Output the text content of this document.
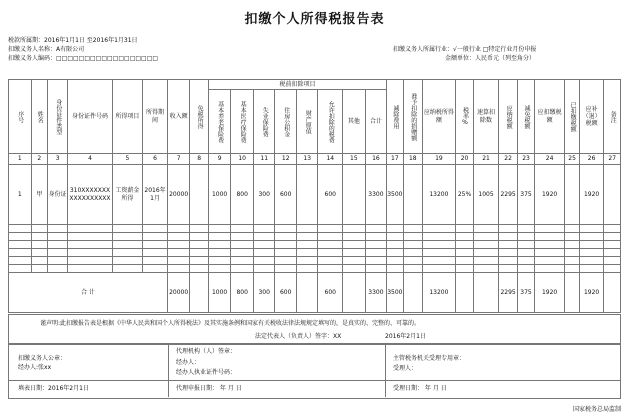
扣缴个人所得税报告表
税款所属期：2016年1月1日 至2016年1月31日
扣缴义务人名称：A有限公司
扣缴义务人编码：□□□□□□□□□□□□□□□□□□
扣缴义务人所属行业：√一般行业 □特定行业月份申报
金额单位：人民币元（列至角分）
序号	姓名	身份证件类型	身份证件号码	所得项目	所得期间	收入额	免税所得	税前扣除项目								减除费用	准予扣除的捐赠额	应纳税所得额	税率%	速算扣除数	应纳税额	减免税额	应扣缴税额	已扣缴税额	应补（退）税额	备注

								基本养老保险费	基本医疗保险费	失业保险费	住房公积金	财产原值	允许扣除的税费	其他	合计											
1	2	3	4	5	6	7	8	9	10	11	12	13	14	15	16	17	18	19	20	21	22	23	24	25	26	27
1	甲	身份证	310XXXXXXXXXXXXXXXXX	工资薪金所得	2016年1月	20000		1000	800	300	600		600		3300	3500		13200	25%	1005	2295	375	1920		1920	

合 计						20000		1000	800	300	600		600		3300	3500		13200			2295	375	1920		1920	
谨声明:此扣缴报告表是根据《中华人民共和国个人所得税法》及其实施条例和国家有关税收法律法规规定填写的，是真实的、完整的、可靠的。
法定代表人（负责人）签字：XX	2016年2月1日
扣缴义务人公章：
经办人:张xx
填表日期：2016年2月1日
代理机构（人）签章：
经办人：
经办人执业证件号码：
代理申报日期： 年 月 日
主管税务机关受理专用章：
受理人：
受理日期： 年 月 日
国家税务总局监制
